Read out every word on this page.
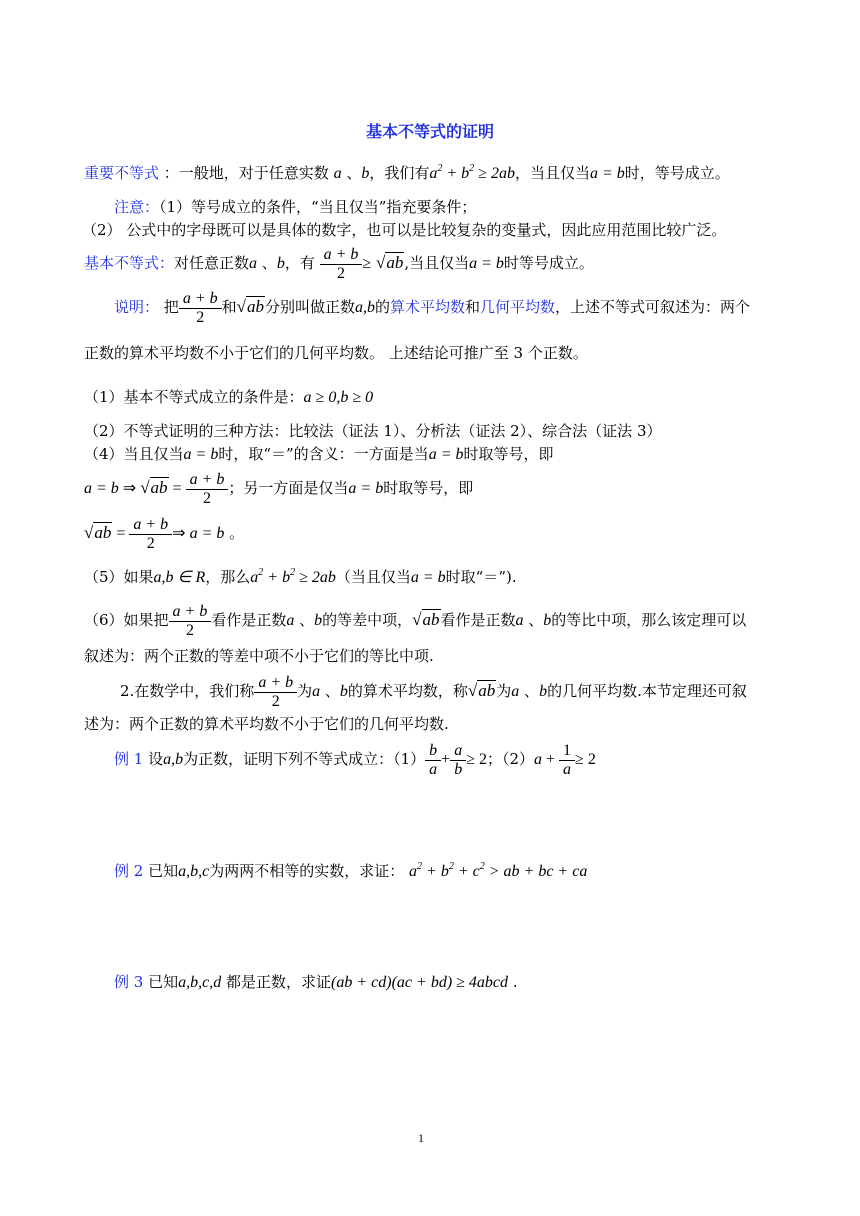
基本不等式的证明
重要不等式 ：一般地，对于任意实数 a 、b，我们有$a^2 + b^2 \ge 2ab$，当且仅当a = b时，等号成立。
注意：（1）等号成立的条件，“当且仅当”指充要条件；
（2） 公式中的字母既可以是具体的数字，也可以是比较复杂的变量式，因此应用范围比较广泛。
基本不等式：对任意正数a 、b，有 $\frac{a + b}{2} \ge √ab$,当且仅当a = b时等号成立。
说明： 把 $\frac{a + b}{2}$ 和√ab分别叫做正数a,b的算术平均数和几何平均数，上述不等式可叙述为：两个
正数的算术平均数不小于它们的几何平均数。 上述结论可推广至 3 个正数。
（1）基本不等式成立的条件是：a ≥ 0,b ≥ 0
（2）不等式证明的三种方法：比较法（证法 1）、分析法（证法 2）、综合法（证法 3）
（4）当且仅当a = b时，取“＝”的含义：一方面是当a = b时取等号，即
a = b ⇒ $√ab = \frac{a + b}{2}$ ；另一方面是仅当a = b时取等号，即
$√ab = \frac{a + b}{2}$ ⇒ a = b 。
（5）如果a,b ∈ R，那么$a^2 + b^2 \ge 2ab$（当且仅当a = b时取“＝”).
（6）如果把 $\frac{a + b}{2}$ 看作是正数a 、b的等差中项，√ab看作是正数a 、b的等比中项，那么该定理可以
叙述为：两个正数的等差中项不小于它们的等比中项.
2.在数学中，我们称 $\frac{a + b}{2}$ 为a 、b的算术平均数，称√ab为a 、b的几何平均数.本节定理还可叙
述为：两个正数的算术平均数不小于它们的几何平均数.
例 1 设a,b为正数，证明下列不等式成立：$(1) \frac{b}{a} + \frac{a}{b} \ge 2$；$(2)a + \frac{1}{a} \ge 2$
例 2 已知a,b,c为两两不相等的实数，求证： $a^2 + b^2 + c^2$ > ab + bc + ca
例 3 已知a,b,c,d 都是正数，求证(ab + cd)(ac + bd) ≥ 4abcd .
1
